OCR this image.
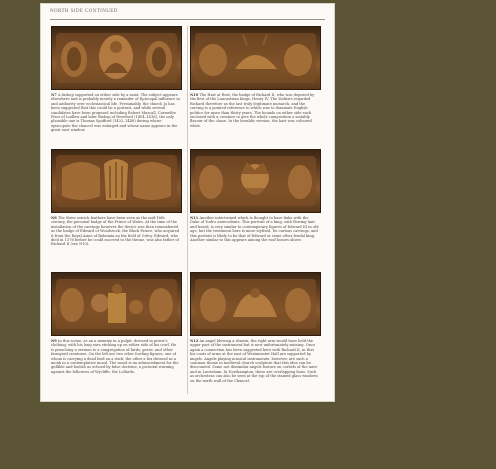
NORTH SIDE CONTINUED
N7 A bishop supported on either side by a saint. The subject appears elsewhere and is probably merely a reminder of Episcopal influence in and authority over ecclesiastical life. Presumably, the church Jo has been suggested that this could be a portrait, and while several candidates have been proposed including Robert Mascall, Carmelite Prior of Ludlow and later Bishop of Hereford (1404–1416), the only plausible one is Thomas Spofford (1422–1448) during whose episcopate the chancel was enlarged and whose name appears in the great east window.
N8 The three ostrich feathers have been seen as the mid-16th century, the personal badge of the Prince of Wales. At the time of the installation of the carvings however the device was then remembered as the badge of Edward of Woodstock, the Black Prince, who acquired it from the Royal Arms of Bohemia on the field of Crécy. Edward, who died in 1376 before he could succeed to the throne, was also father of Richard II (see N10).
N9 In this scene, as an a mummy in a pulpit, dressed in priest's clothing, with his long ears sticking up on either side of his cowl. He is preaching a sermon to a congregation of birds, geese, and other farmyard creatures. On the left are two other fowling figures, one of whom is carrying a dead bird on a stick, the other a fox dressed as a monk in a contemplative mood. The mood is an admonishment for the gullible and foolish as echoed by false doctrine, a pictorial warning against the followers of Wycliffe, the Lollards.
N10 The Hart at Rest, the badge of Richard II, who was deposed by the first of the Lancastrian kings, Henry IV. The Yorkists regarded Richard therefore as the last truly legitimate monarch, and the carving is a pointed reference to which was to dominate English politics for more than thirty years. The bounds on either side each enclosed with a creature to give the whole composition a suitably flavour of the chase. In the heraldic version, the hart was coloured white.
N11 Another intertwined which is thought to have links with the Duke of York's antecedents. This portrait of a king, with flowing hair and beard, is very similar to contemporary figures of Edward III in old age, but the treatment here is more stylised. Its curious carvings, and this portrait is likely to be that of Edward or some other feudal king. Another similar to this appears among the roof bosses above.
N12 An angel blowing a shawm; the right arm would have held the upper part of the instrument but is now unfortunately missing. Once again a connection has been suggested here with Richard II, in that his coats of arms at the east of Westminster Hall are supported by angels. Angels playing musical instruments, however, are such a common theme in medieval church sculpture that this idea can be discounted. Some not dissimilar angels feature on corbels of the nave and in Lavenham. In Northampton, these are overlapping lions. Such as orchestras can also be seen at the top of the stained glass windows on the north wall of the Chancel.
